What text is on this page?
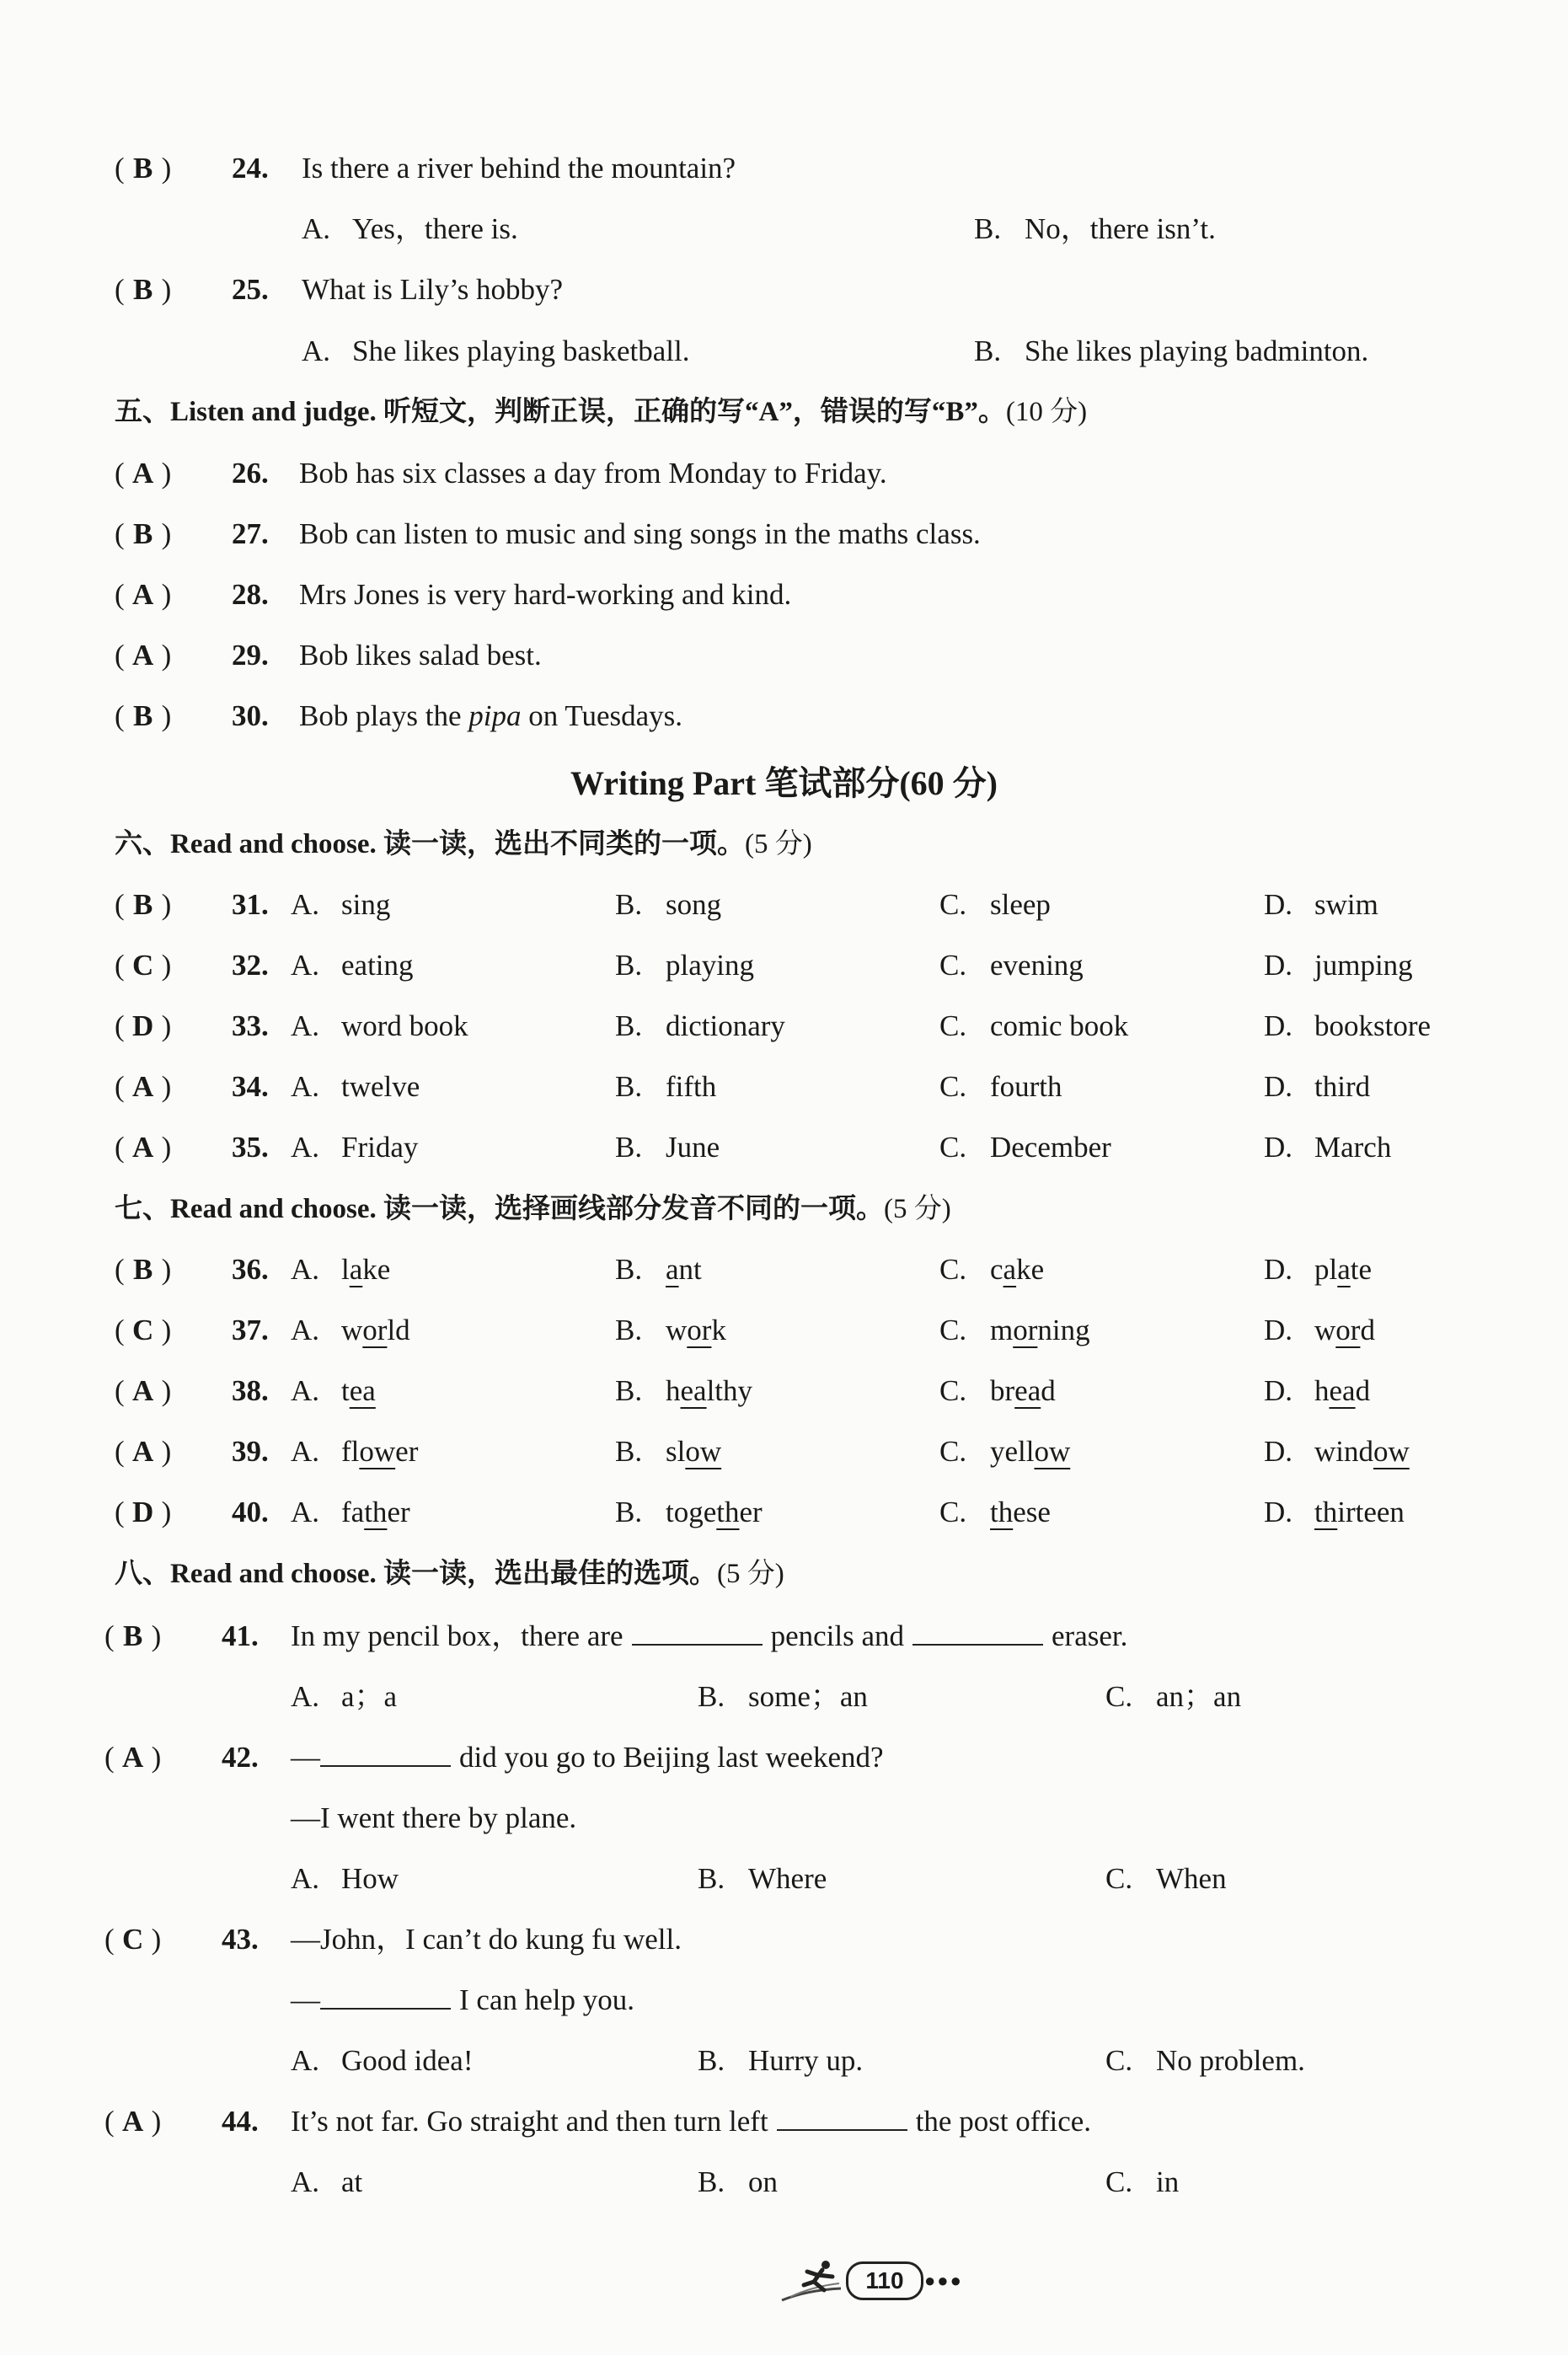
( B ) 24. Is there a river behind the mountain?
A. Yes，there is.	B. No，there isn’t.
( B ) 25. What is Lily’s hobby?
A. She likes playing basketball.	B. She likes playing badminton.
五、Listen and judge. 听短文，判断正误，正确的写“A”，错误的写“B”。(10 分)
( A ) 26. Bob has six classes a day from Monday to Friday.
( B ) 27. Bob can listen to music and sing songs in the maths class.
( A ) 28. Mrs Jones is very hard-working and kind.
( A ) 29. Bob likes salad best.
( B ) 30. Bob plays the pipa on Tuesdays.
Writing Part 笔试部分(60 分)
六、Read and choose. 读一读，选出不同类的一项。(5 分)
( B ) 31. A. sing	B. song	C. sleep	D. swim
( C ) 32. A. eating	B. playing	C. evening	D. jumping
( D ) 33. A. word book	B. dictionary	C. comic book	D. bookstore
( A ) 34. A. twelve	B. fifth	C. fourth	D. third
( A ) 35. A. Friday	B. June	C. December	D. March
七、Read and choose. 读一读，选择画线部分发音不同的一项。(5 分)
( B ) 36. A. lake	B. ant	C. cake	D. plate
( C ) 37. A. world	B. work	C. morning	D. word
( A ) 38. A. tea	B. healthy	C. bread	D. head
( A ) 39. A. flower	B. slow	C. yellow	D. window
( D ) 40. A. father	B. together	C. these	D. thirteen
八、Read and choose. 读一读，选出最佳的选项。(5 分)
( B ) 41. In my pencil box，there are	pencils and	eraser.
A. a；a	B. some；an	C. an；an
( A ) 42. —	did you go to Beijing last weekend?
—I went there by plane.
A. How	B. Where	C. When
( C ) 43. —John，I can’t do kung fu well.
—	I can help you.
A. Good idea!	B. Hurry up.	C. No problem.
( A ) 44. It’s not far. Go straight and then turn left	the post office.
A. at	B. on	C. in
110	●●●
